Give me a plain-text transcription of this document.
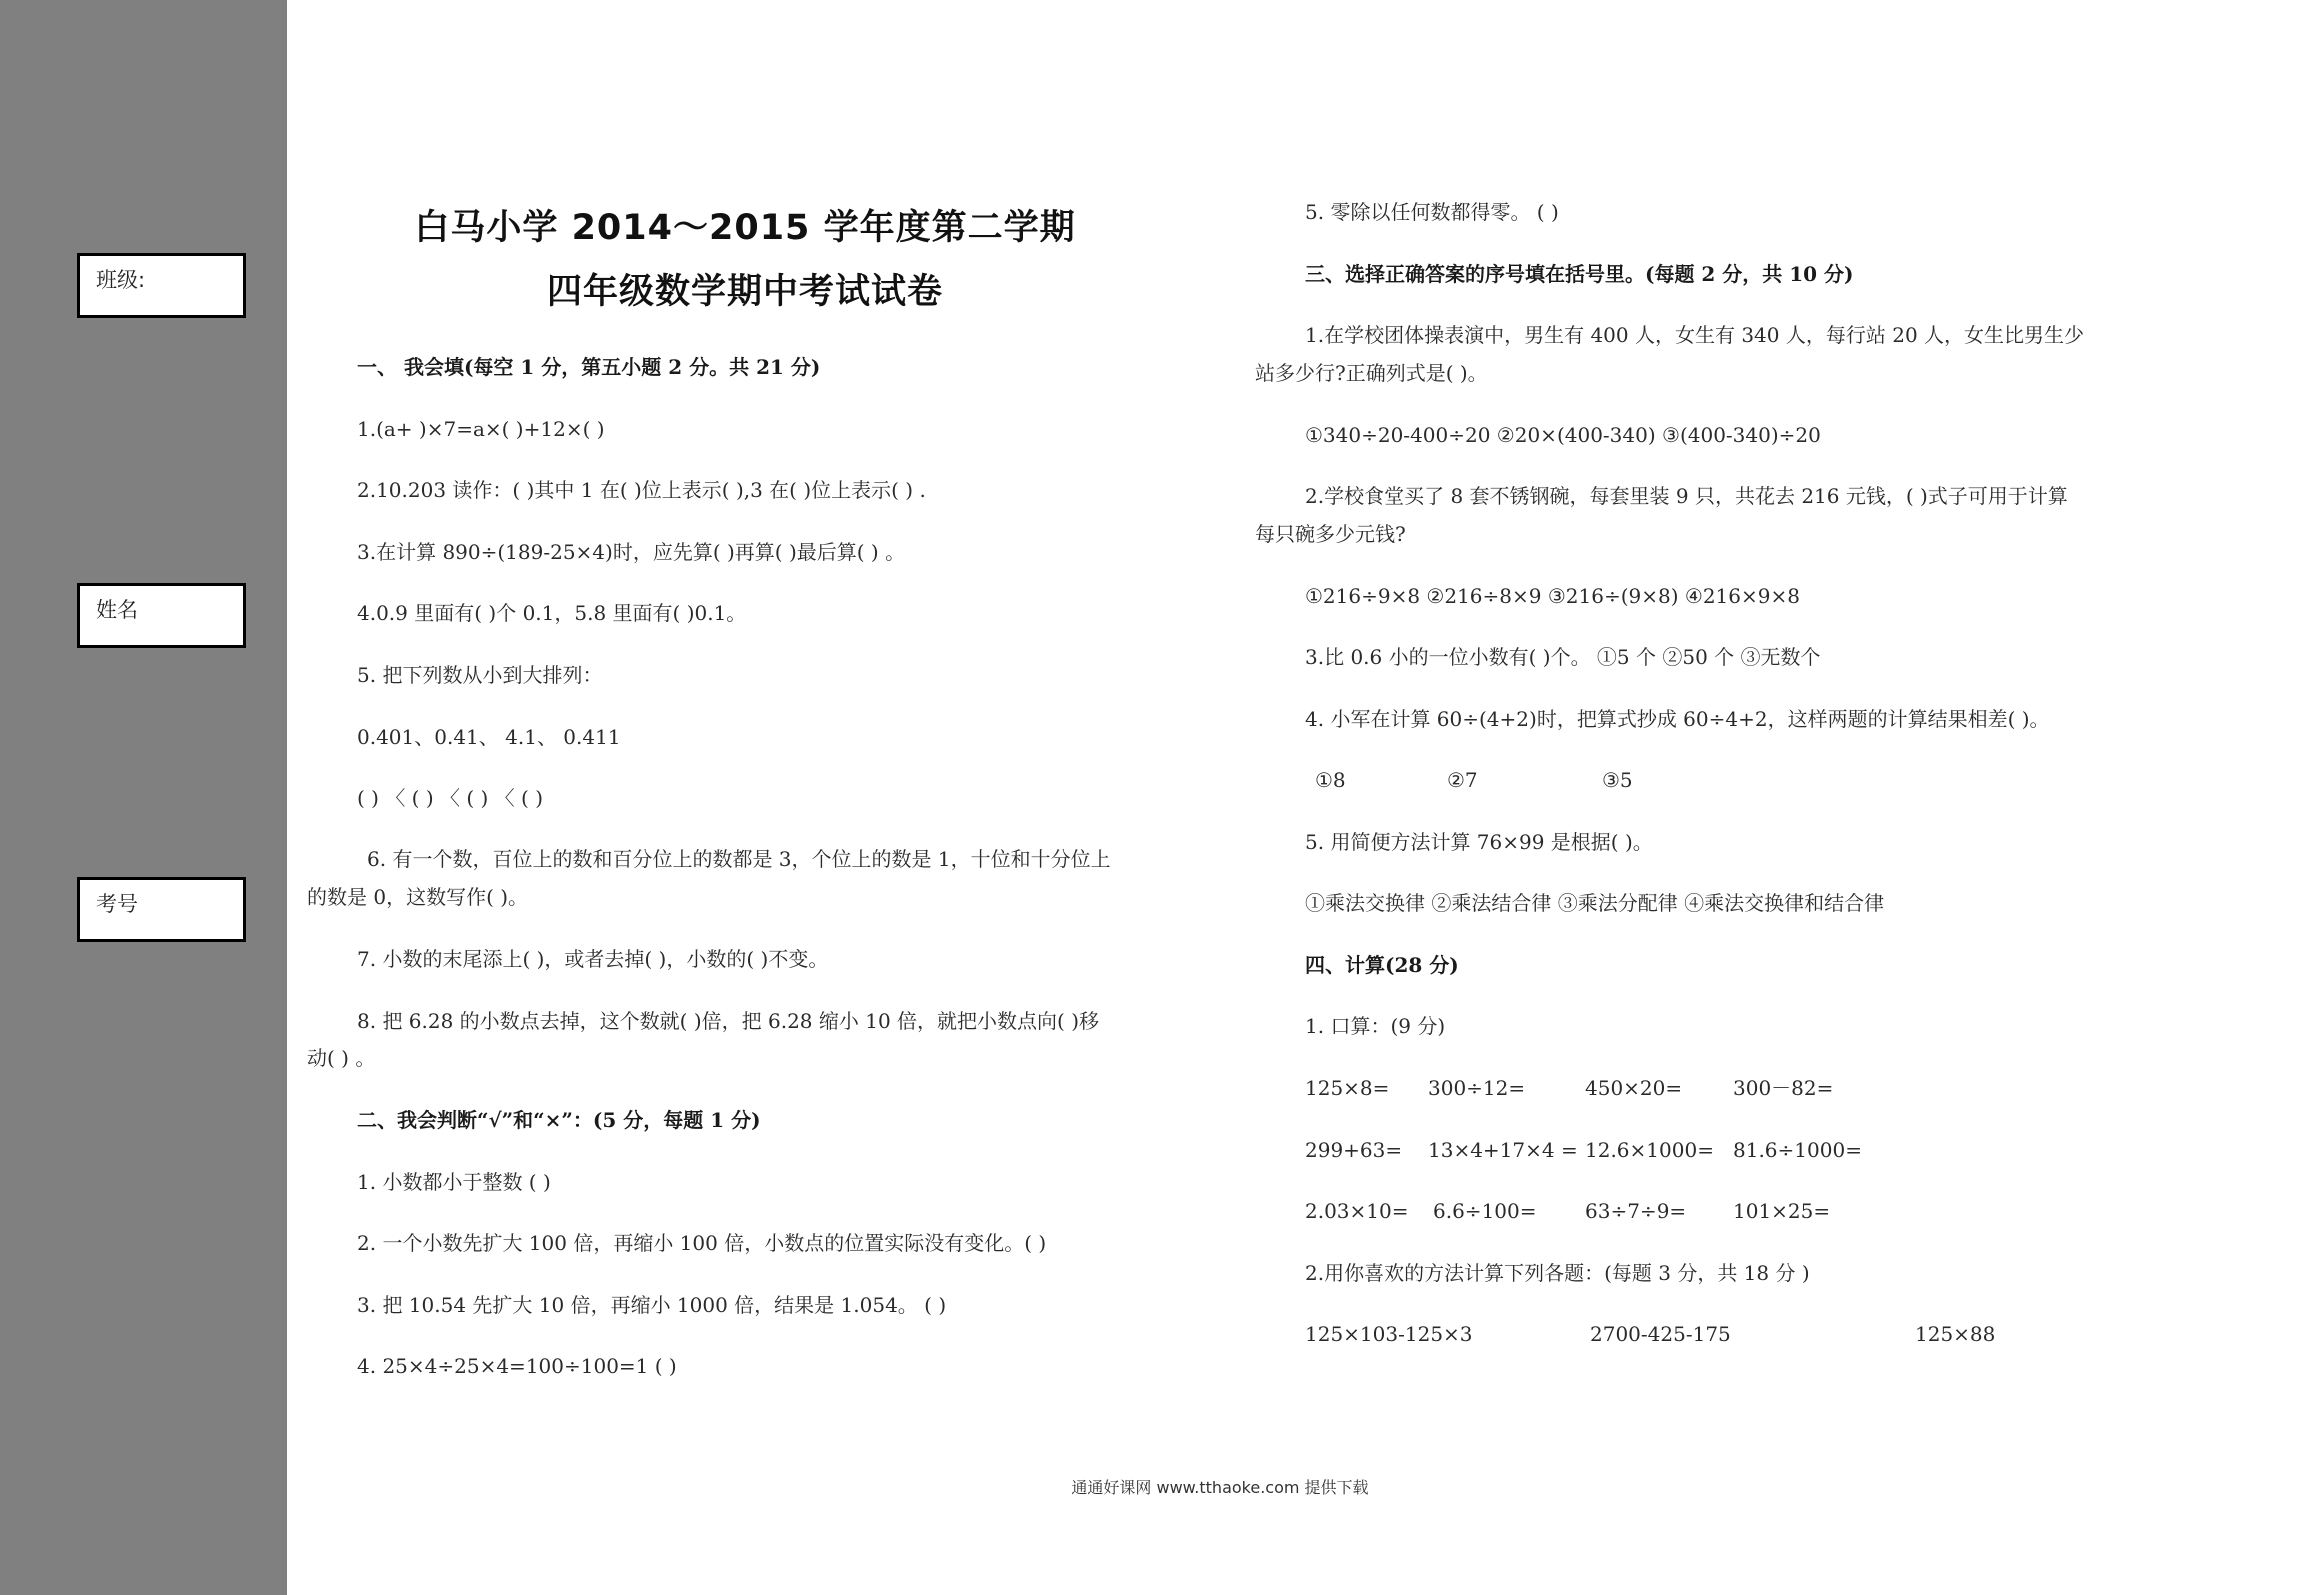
班级:
姓名
考号
白马小学 2014～2015 学年度第二学期
四年级数学期中考试试卷
一、 我会填(每空 1 分，第五小题 2 分。共 21 分)
1.(a+ )×7=a×( )+12×( )
2.10.203 读作：( )其中 1 在( )位上表示( ),3 在( )位上表示( ) .
3.在计算 890÷(189-25×4)时，应先算( )再算( )最后算( ) 。
4.0.9 里面有( )个 0.1，5.8 里面有( )0.1。
5. 把下列数从小到大排列：
0.401、0.41、 4.1、 0.411
( ) 〈 ( ) 〈 ( ) 〈 ( )
6. 有一个数，百位上的数和百分位上的数都是 3，个位上的数是 1，十位和十分位上
的数是 0，这数写作( )。
7. 小数的末尾添上( )，或者去掉( )，小数的( )不变。
8. 把 6.28 的小数点去掉，这个数就( )倍，把 6.28 缩小 10 倍，就把小数点向( )移
动( ) 。
二、我会判断“√”和“×”：(5 分，每题 1 分)
1. 小数都小于整数 ( )
2. 一个小数先扩大 100 倍，再缩小 100 倍，小数点的位置实际没有变化。( )
3. 把 10.54 先扩大 10 倍，再缩小 1000 倍，结果是 1.054。 ( )
4. 25×4÷25×4=100÷100=1 ( )
5. 零除以任何数都得零。 ( )
三、选择正确答案的序号填在括号里。(每题 2 分，共 10 分)
1.在学校团体操表演中，男生有 400 人，女生有 340 人，每行站 20 人，女生比男生少
站多少行?正确列式是( )。
①340÷20-400÷20 ②20×(400-340) ③(400-340)÷20
2.学校食堂买了 8 套不锈钢碗，每套里装 9 只，共花去 216 元钱，( )式子可用于计算
每只碗多少元钱?
①216÷9×8 ②216÷8×9 ③216÷(9×8) ④216×9×8
3.比 0.6 小的一位小数有( )个。 ①5 个 ②50 个 ③无数个
4. 小军在计算 60÷(4+2)时，把算式抄成 60÷4+2，这样两题的计算结果相差( )。
①8	②7	③5
5. 用简便方法计算 76×99 是根据( )。
①乘法交换律 ②乘法结合律 ③乘法分配律 ④乘法交换律和结合律
四、计算(28 分)
1. 口算：(9 分)
125×8= 300÷12=	450×20=	300－82=
299+63= 13×4+17×4 = 12.6×1000= 81.6÷1000=
2.03×10= 6.6÷100= 63÷7÷9= 101×25=
2.用你喜欢的方法计算下列各题：(每题 3 分，共 18 分 )
125×103-125×3	2700-425-175	125×88
通通好课网 www.tthaoke.com 提供下载
